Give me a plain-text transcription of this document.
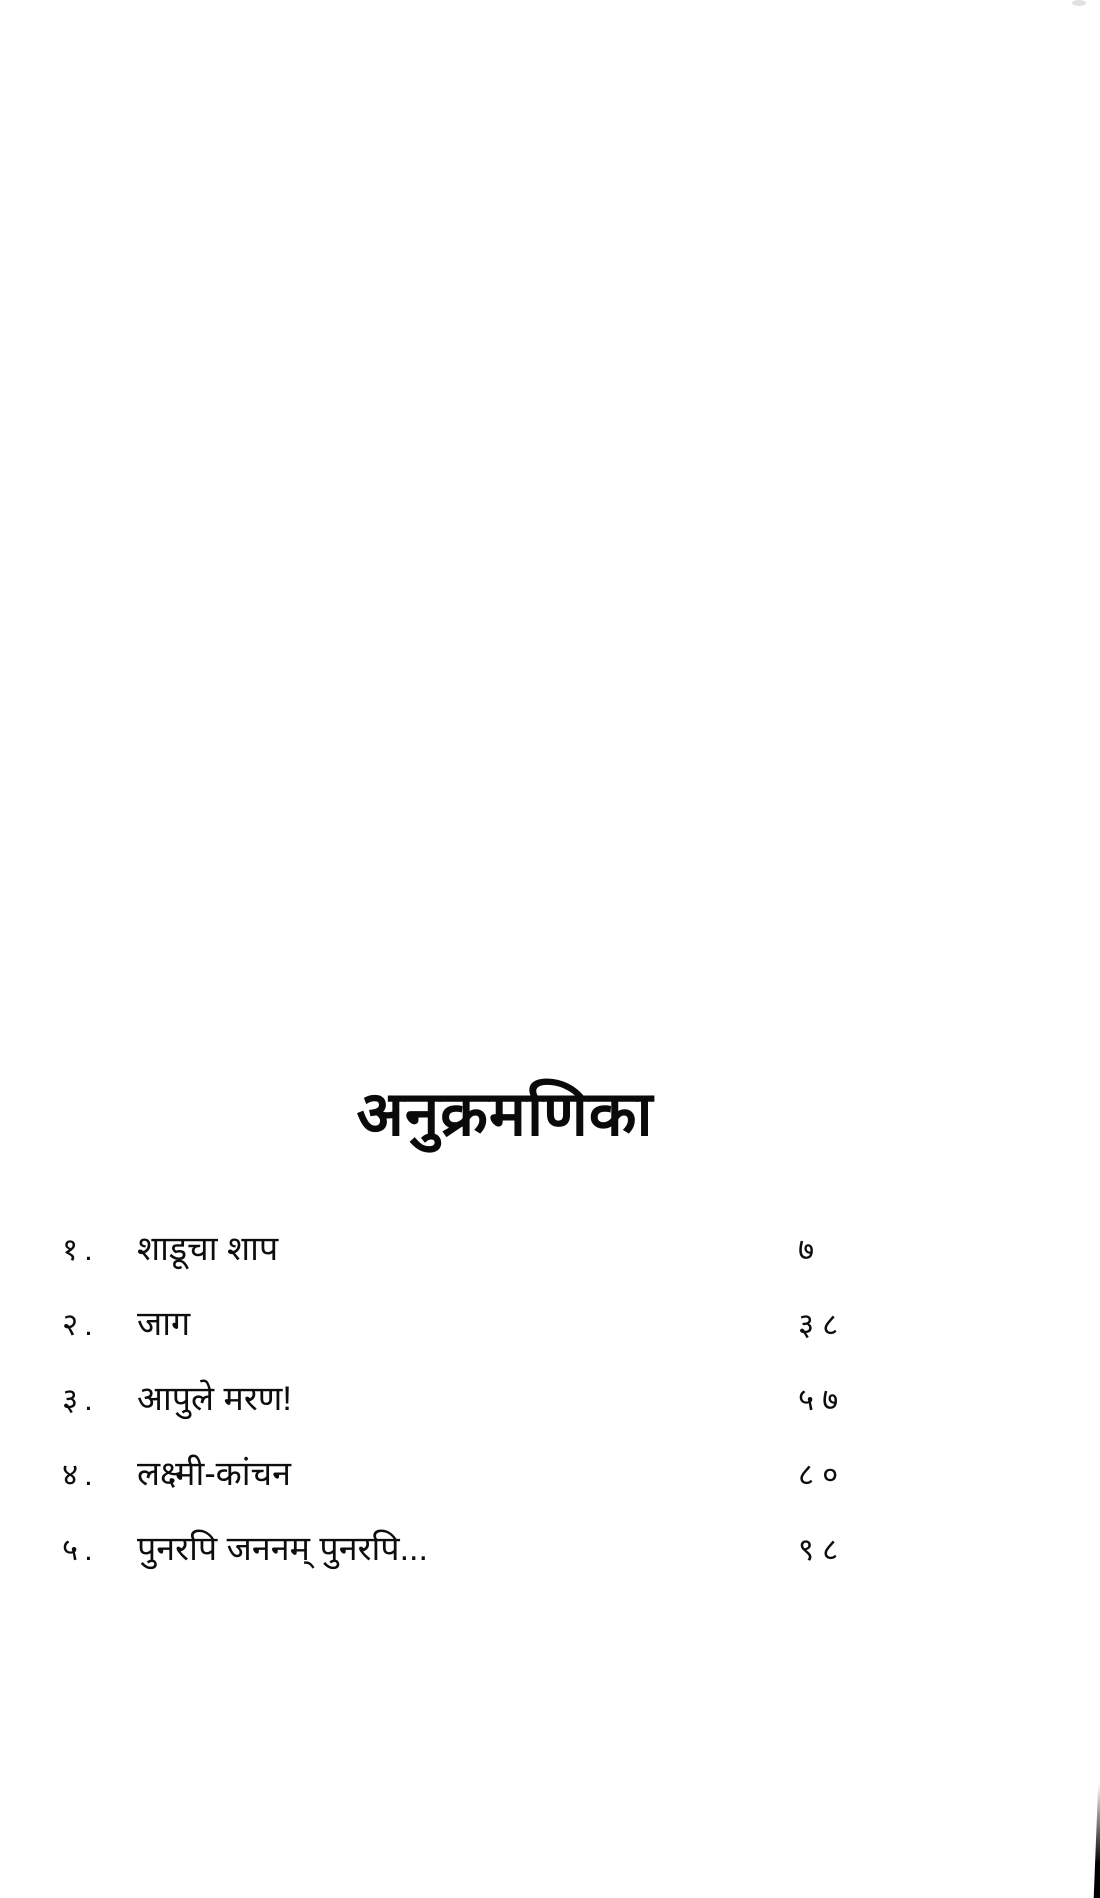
अनुक्रमणिका
१. शाडूचा शाप	७
२. जाग	३८
३. आपुले मरण!	५७
४. लक्ष्मी-कांचन	८०
५. पुनरपि जननम् पुनरपि...	९८
